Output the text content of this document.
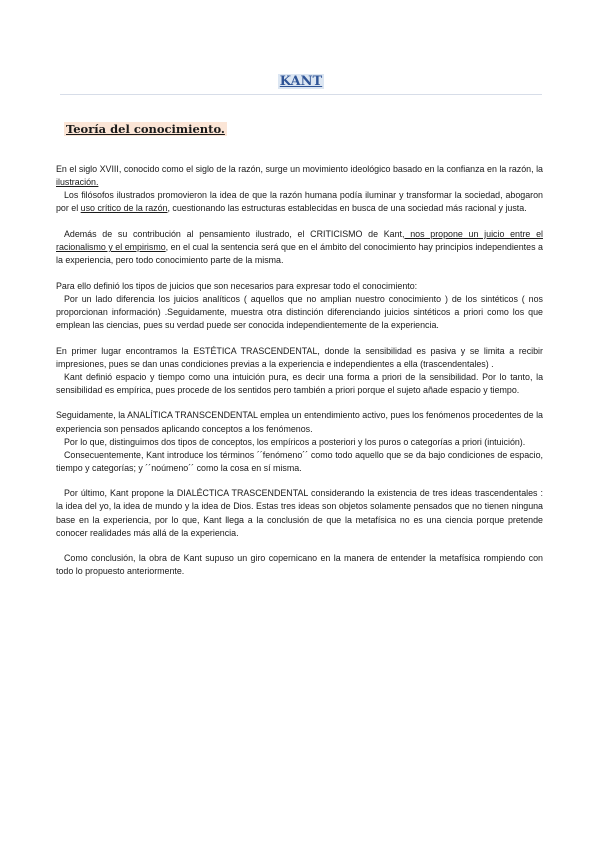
KANT
Teoría del conocimiento.

En el siglo XVIII, conocido como el siglo de la razón, surge un movimiento ideológico basado en la confianza en la razón, la ilustración.
Los filósofos ilustrados promovieron la idea de que la razón humana podía iluminar y transformar la sociedad, abogaron por el uso crítico de la razón, cuestionando las estructuras establecidas en busca de una sociedad más racional y justa.

Además de su contribución al pensamiento ilustrado, el CRITICISMO de Kant, nos propone un juicio entre el racionalismo y el empirismo, en el cual la sentencia será que en el ámbito del conocimiento hay principios independientes a la experiencia, pero todo conocimiento parte de la misma.

Para ello definió los tipos de juicios que son necesarios para expresar todo el conocimiento:
Por un lado diferencia los juicios analíticos ( aquellos que no amplian nuestro conocimiento ) de los sintéticos ( nos proporcionan información) .Seguidamente, muestra otra distinción diferenciando juicios sintéticos a priori como los que emplean las ciencias, pues su verdad puede ser conocida independientemente de la experiencia.

En primer lugar encontramos la ESTÉTICA TRASCENDENTAL, donde la sensibilidad es pasiva y se limita a recibir impresiones, pues se dan unas condiciones previas a la experiencia e independientes a ella (trascendentales) .
Kant definió espacio y tiempo como una intuición pura, es decir una forma a priori de la sensibilidad. Por lo tanto, la sensibilidad es empírica, pues procede de los sentidos pero también a priori porque el sujeto añade espacio y tiempo.

Seguidamente, la ANALÍTICA TRANSCENDENTAL emplea un entendimiento activo, pues los fenómenos procedentes de la experiencia son pensados aplicando conceptos a los fenómenos.
Por lo que, distinguimos dos tipos de conceptos, los empíricos a posteriori y los puros o categorías a priori (intuición).
Consecuentemente, Kant introduce los términos ´´fenómeno´´ como todo aquello que se da bajo condiciones de espacio, tiempo y categorías; y ´´noúmeno´´ como la cosa en sí misma.

Por último, Kant propone la DIALÉCTICA TRASCENDENTAL considerando la existencia de tres ideas trascendentales : la idea del yo, la idea de mundo y la idea de Dios. Estas tres ideas son objetos solamente pensados que no tienen ninguna base en la experiencia, por lo que, Kant llega a la conclusión de que la metafísica no es una ciencia porque pretende conocer realidades más allá de la experiencia.

Como conclusión, la obra de Kant supuso un giro copernicano en la manera de entender la metafísica rompiendo con todo lo propuesto anteriormente.
